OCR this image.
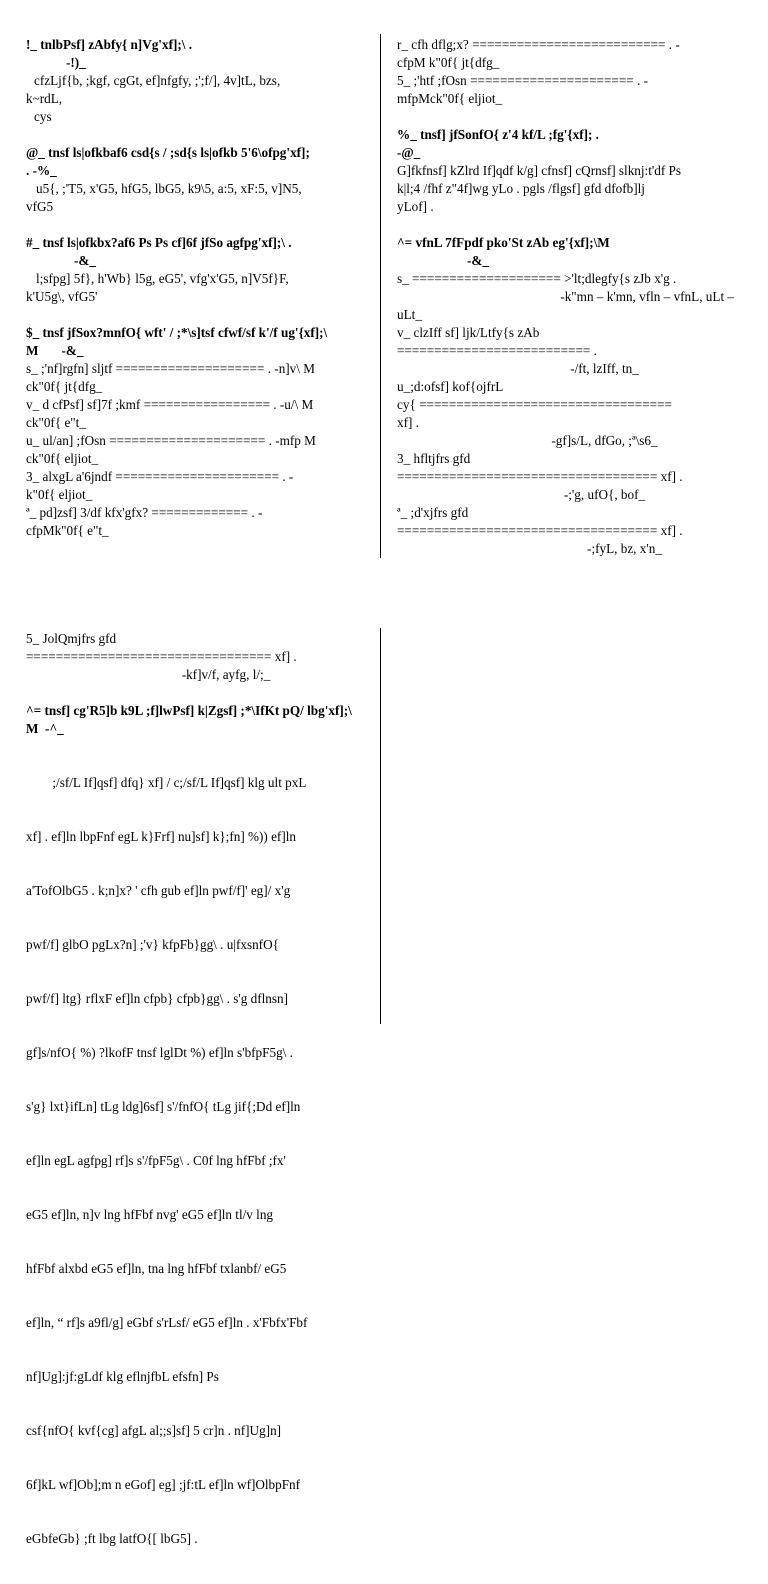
!_ tnlbPsf] zAbfy{ n]Vg'xf];\ .

-!)_

cfzLjf{b, ;kgf, cgGt, ef]nfgfy, ;';f/], 4v]tL, bzs,

k~rdL,

cys

@_ tnsf ls|ofkbaf6 csd{s / ;sd{s ls|ofkb 5'6\ofpg'xf];

. -%_

u5{, ;'T5, x'G5, hfG5, lbG5, k9\5, a:5, xF:5, v]N5,

vfG5

#_ tnsf ls|ofkbx?af6 Ps Ps cf]6f jfSo agfpg'xf];\ .

-&_

l;sfpg] 5f}, h'Wb} l5g, eG5', vfg'x'G5, n]V5f}F,

k'U5g\, vfG5'

$_ tnsf jfSox?mnfO{ wft' / ;*\s]tsf cfwf/sf k'/f ug'{xf];\ M -&_

s_ ;'nf]rgfn] sljtf ==================== . -n]v\ M

ck"0f{ jt{dfg_

v_ d cfPsf] sf]7f ;kmf ================= . -u/\ M

ck"0f{ e"t_

u_ ul/an] ;fOsn ===================== . -mfp M

ck"0f{ eljiot_

3_ alxgL a'6jndf ====================== . -

k"0f{ eljiot_

ª_ pd]zsf] 3/df kfx'gfx? ============= . -

cfpMk"0f{ e"t_

r_ cfh dflg;x? ========================== . -

cfpM k"0f{ jt{dfg_

5_ ;'htf ;fOsn ====================== . -

mfpMck"0f{ eljiot_

%_ tnsf] jfSonfO{ z'4 kf/L ;fg'{xf]; .

-@_

G]fkfnsf] kZlrd If]qdf k/g] cfnsf] cQrnsf] slknj:t'df Ps

k|l;4 /fhf z"4f]wg yLo . pgls /flgsf] gfd dfofb]lj

yLof] .

^= vfnL 7fFpdf pko'St zAb eg'{xf];\M

-&_

s_ ==================== >'lt;dlegfy{s zJb x'g .

-k"mn – k'mn, vfln – vfnL, uLt –

uLt_

v_ clzIff sf] ljk/Ltfy{s zAb

========================== .

-/ft, lzIff, tn_

u_;d:ofsf] kof{ojfrL

cy{ ==================================

xf] .

-gf]s/L, dfGo, ;ª\s6_

3_ hfltjfrs gfd

=================================== xf] .

-;'g, ufO{, bof_

ª_ ;d'xjfrs gfd

=================================== xf] .

-;fyL, bz, x'n_

5_ JolQmjfrs gfd

================================= xf] .

-kf]v/f, ayfg, l/;_

^= tnsf] cg'R5]b k9L ;f]lwPsf] k|Zgsf] ;*\IfKt pQ/ lbg'xf];\ M -^_

;/sf/L If]qsf] dfq} xf] / c;/sf/L If]qsf] klg ult pxL

xf] . ef]ln lbpFnf egL k}Frf] nu]sf] k};fn] %)) ef]ln

a'TofOlbG5 . k;n]x? ' cfh gub ef]ln pwf/f]' eg]/ x'g

pwf/f] glbO pgLx?n] ;'v} kfpFb}gg\ . u|fxsnfO{

pwf/f] ltg} rflxF ef]ln cfpb} cfpb}gg\ . s'g dflnsn]

gf]s/nfO{ %) ?lkofF tnsf lglDt %) ef]ln s'bfpF5g\ .

s'g} lxt}ifLn] tLg ldg]6sf] s'/fnfO{ tLg jif{;Dd ef]ln

ef]ln egL agfpg] rf]s s'/fpF5g\ . C0f lng hfFbf ;fx'

eG5 ef]ln, n]v lng hfFbf nvg' eG5 ef]ln tl/v lng

hfFbf alxbd eG5 ef]ln, tna lng hfFbf txlanbf/ eG5

ef]ln, “ rf]s a9fl/g] eGbf s'rLsf/ eG5 ef]ln . x'Fbfx'Fbf

nf]Ug]:jf:gLdf klg eflnjfbL efsfn] Ps

csf{nfO{ kvf{cg] afgL al;;s]sf] 5 cr]n . nf]Ug]n]

6f]kL wf]Ob];m n eGof] eg] ;jf:tL ef]ln wf]OlbpFnf

eGbfeGb} ;ft lbg latfO{[ lbG5] .
